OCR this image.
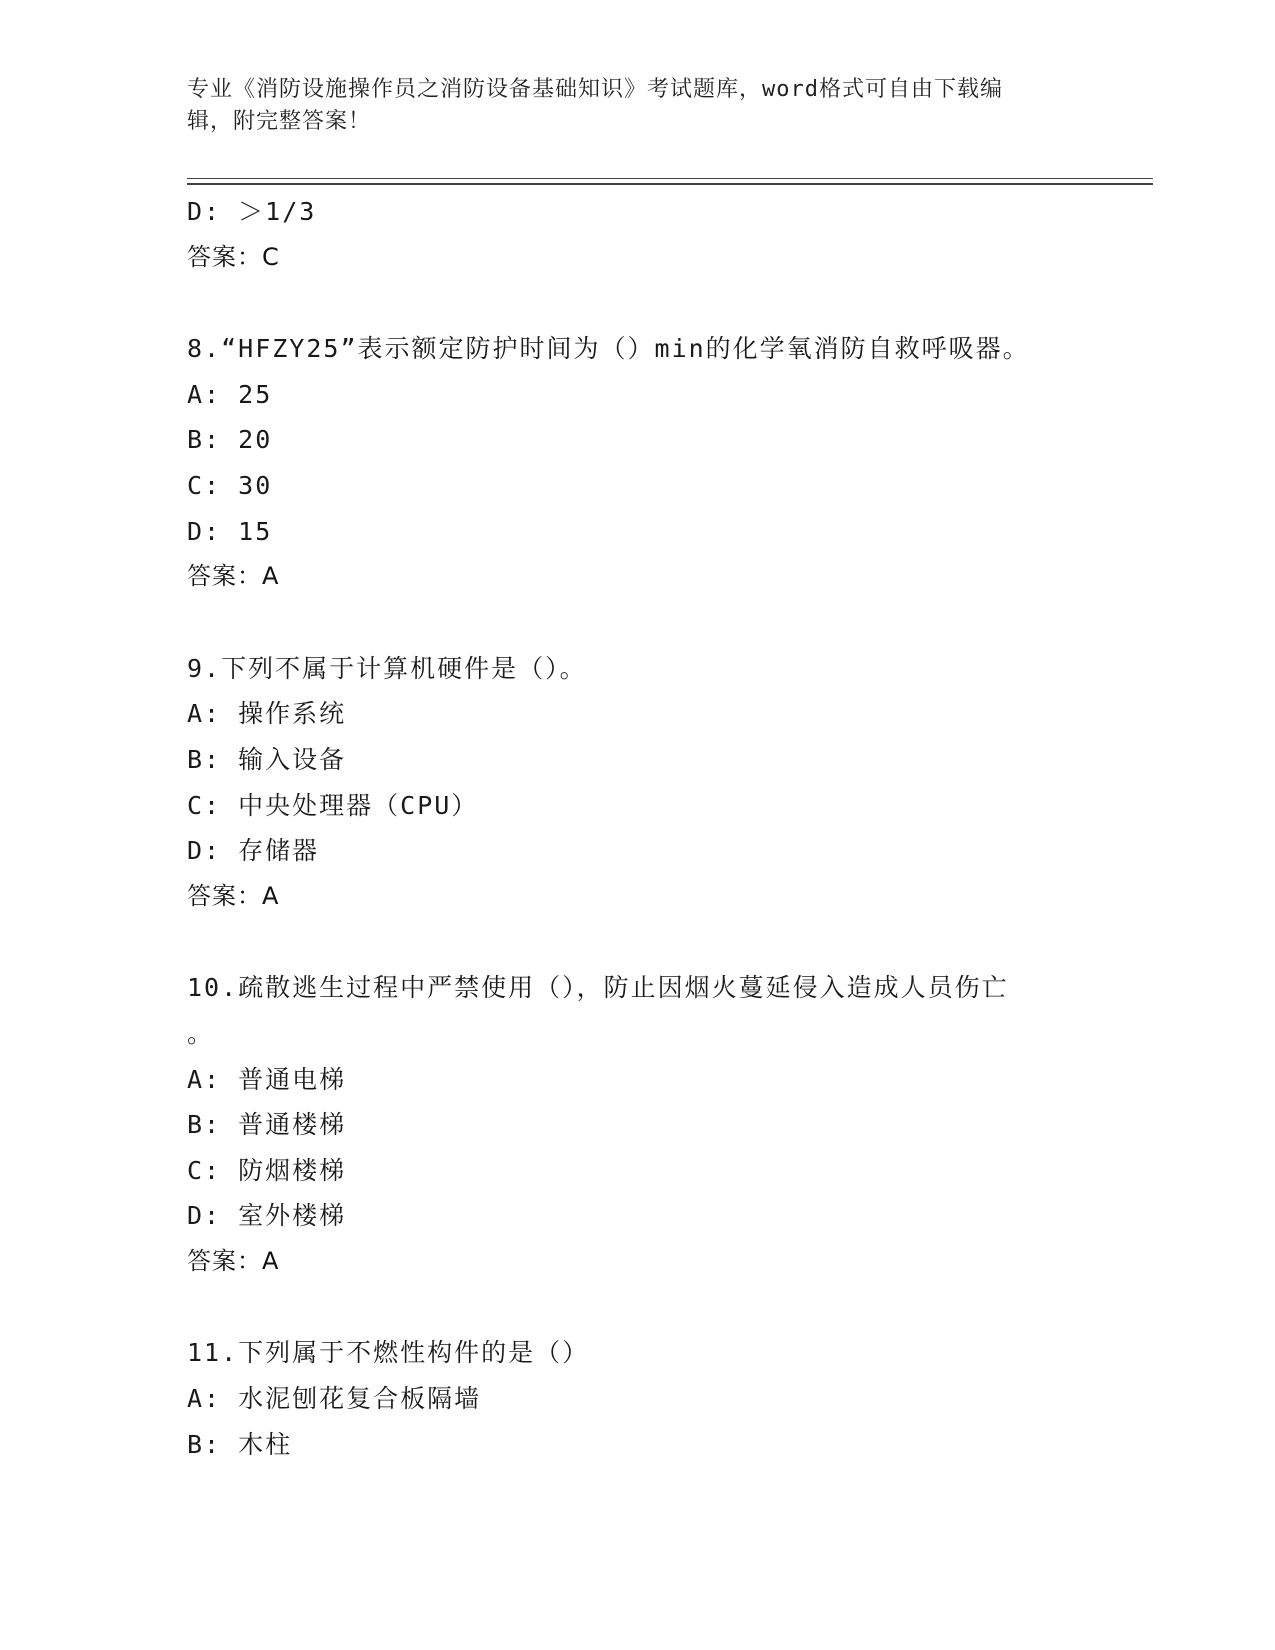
专业《消防设施操作员之消防设备基础知识》考试题库，word格式可自由下载编
辑，附完整答案！
D: ＞1/3
答案：C
8.“HFZY25”表示额定防护时间为（）min的化学氧消防自救呼吸器。
A: 25
B: 20
C: 30
D: 15
答案：A
9.下列不属于计算机硬件是（）。
A: 操作系统
B: 输入设备
C: 中央处理器（CPU）
D: 存储器
答案：A
10.疏散逃生过程中严禁使用（），防止因烟火蔓延侵入造成人员伤亡
。
A: 普通电梯
B: 普通楼梯
C: 防烟楼梯
D: 室外楼梯
答案：A
11.下列属于不燃性构件的是（）
A: 水泥刨花复合板隔墙
B: 木柱
